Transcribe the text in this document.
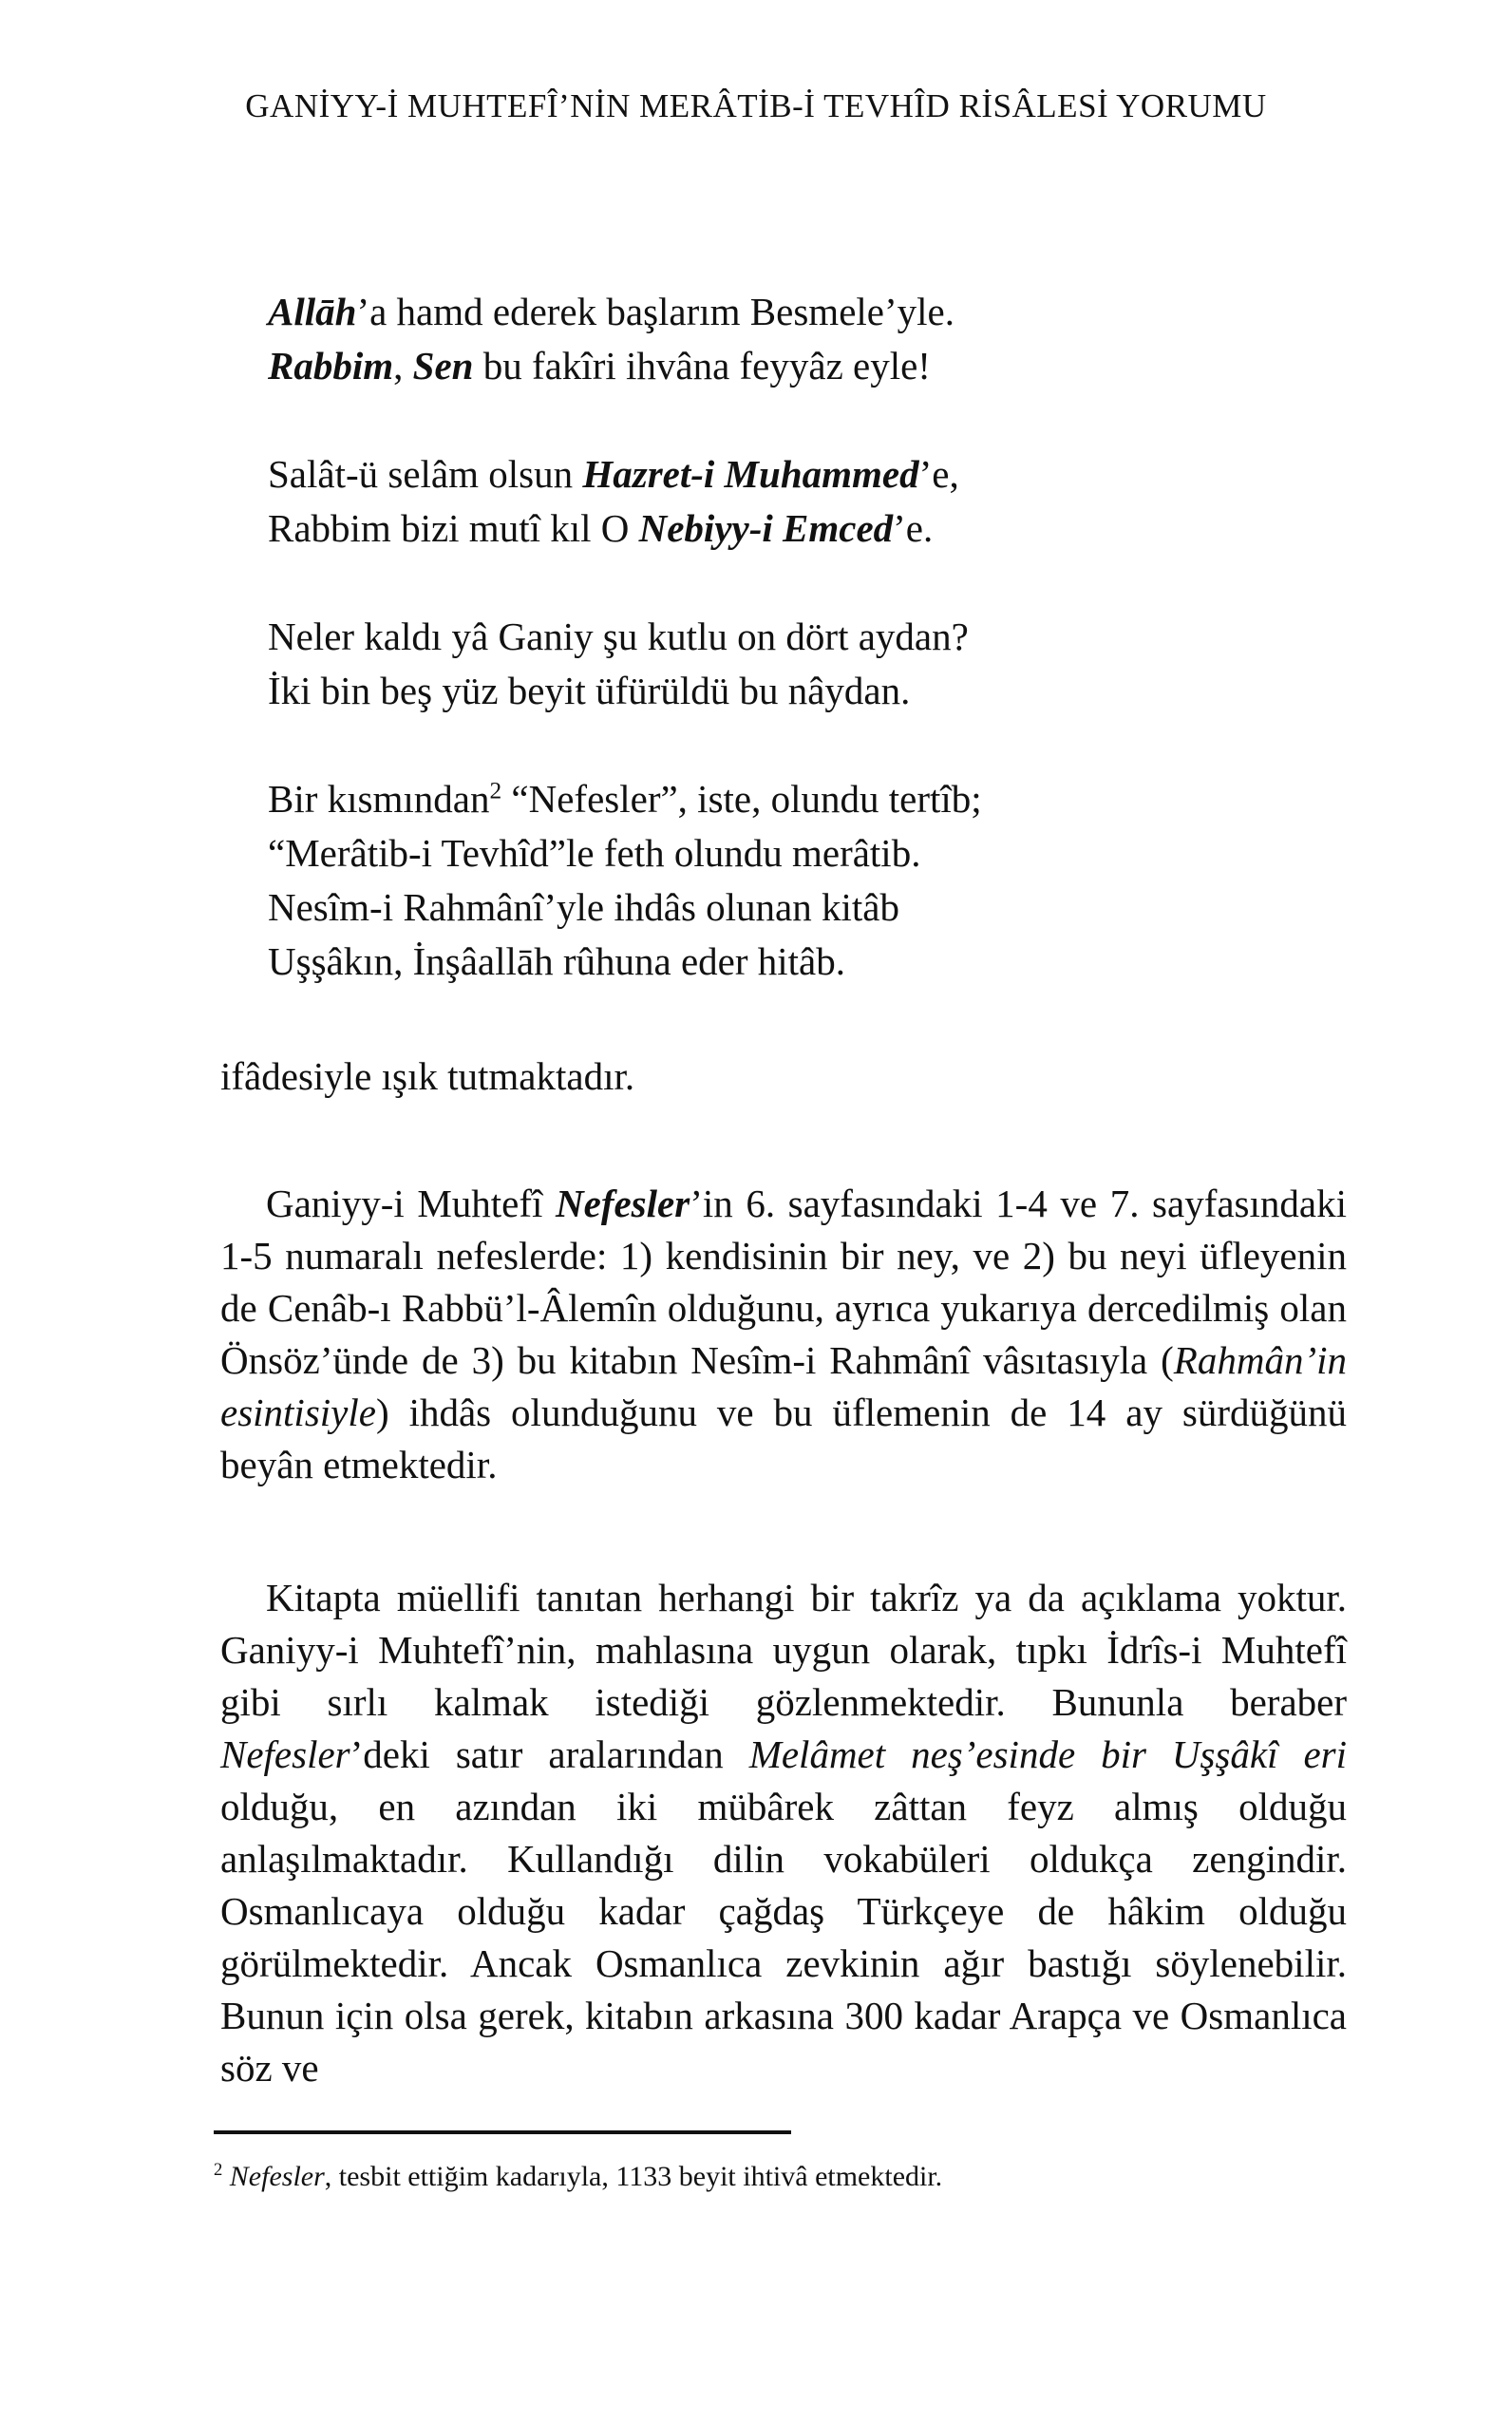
GANİYY-İ MUHTEFÎ’NİN MERÂTİB-İ TEVHÎD RİSÂLESİ YORUMU
Allāh’a hamd ederek başlarım Besmele’yle.
Rabbim, Sen bu fakîri ihvâna feyyâz eyle!
Salât-ü selâm olsun Hazret-i Muhammed’e,
Rabbim bizi mutî kıl O Nebiyy-i Emced’e.
Neler kaldı yâ Ganiy şu kutlu on dört aydan?
İki bin beş yüz beyit üfürüldü bu nâydan.
Bir kısmından$^2$ “Nefesler”, iste, olundu tertîb;
“Merâtib-i Tevhîd”le feth olundu merâtib.
Nesîm-i Rahmânî’yle ihdâs olunan kitâb
Uşşâkın, İnşâallāh rûhuna eder hitâb.
ifâdesiyle ışık tutmaktadır.
Ganiyy-i Muhtefî Nefesler’in 6. sayfasındaki 1-4 ve 7. sayfasındaki 1-5 numaralı nefeslerde: 1) kendisinin bir ney, ve 2) bu neyi üfleyenin de Cenâb-ı Rabbü’l-Âlemîn olduğunu, ayrıca yukarıya dercedilmiş olan Önsöz’ünde de 3) bu kitabın Nesîm-i Rahmânî vâsıtasıyla (Rahmân’in esintisiyle) ihdâs olunduğunu ve bu üflemenin de 14 ay sürdüğünü beyân etmektedir.
Kitapta müellifi tanıtan herhangi bir takrîz ya da açıklama yoktur. Ganiyy-i Muhtefî’nin, mahlasına uygun olarak, tıpkı İdrîs-i Muhtefî gibi sırlı kalmak istediği gözlenmektedir. Bununla beraber Nefesler’deki satır aralarından Melâmet neş’esinde bir Uşşâkî eri olduğu, en azından iki mübârek zâttan feyz almış olduğu anlaşılmaktadır. Kullandığı dilin vokabüleri oldukça zengindir. Osmanlıcaya olduğu kadar çağdaş Türkçeye de hâkim olduğu görülmektedir. Ancak Osmanlıca zevkinin ağır bastığı söylenebilir. Bunun için olsa gerek, kitabın arkasına 300 kadar Arapça ve Osmanlıca söz ve
$^2$ Nefesler, tesbit ettiğim kadarıyla, 1133 beyit ihtivâ etmektedir.
